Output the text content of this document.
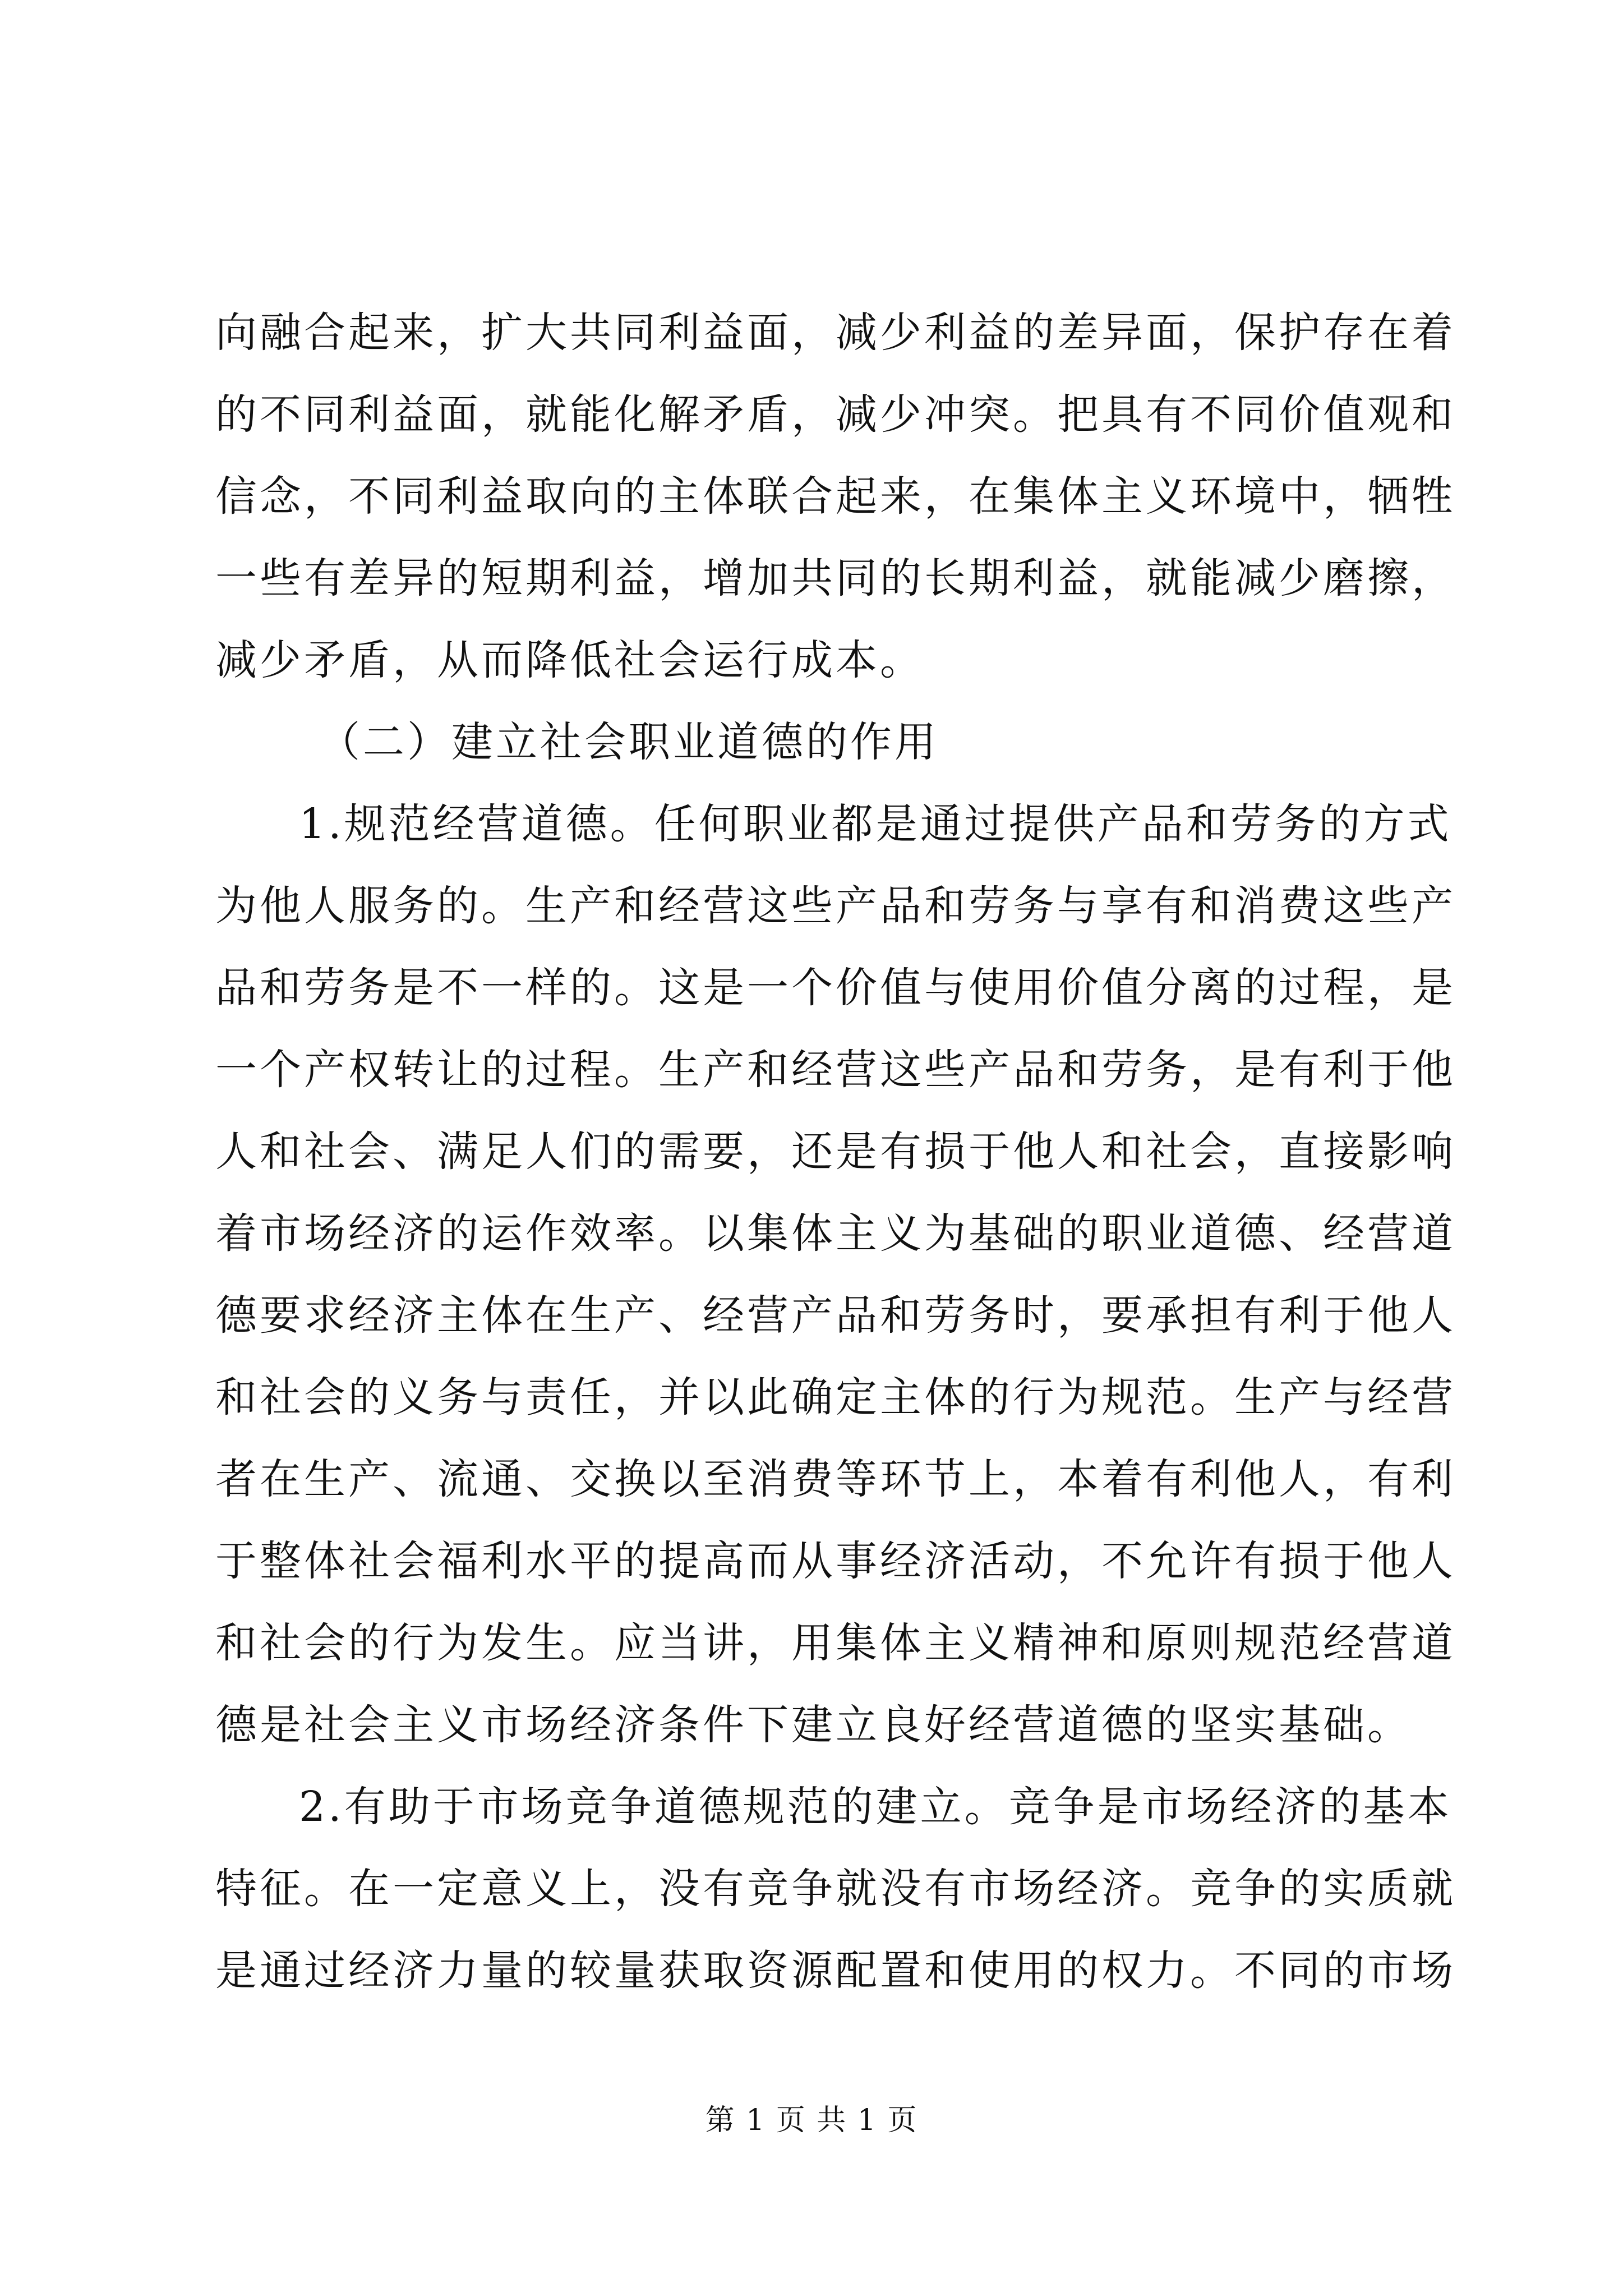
向融合起来，扩大共同利益面，减少利益的差异面，保护存在着
的不同利益面，就能化解矛盾，减少冲突。把具有不同价值观和
信念，不同利益取向的主体联合起来，在集体主义环境中，牺牲
一些有差异的短期利益，增加共同的长期利益，就能减少磨擦，
减少矛盾，从而降低社会运行成本。
（二）建立社会职业道德的作用
1.规范经营道德。任何职业都是通过提供产品和劳务的方式
为他人服务的。生产和经营这些产品和劳务与享有和消费这些产
品和劳务是不一样的。这是一个价值与使用价值分离的过程，是
一个产权转让的过程。生产和经营这些产品和劳务，是有利于他
人和社会、满足人们的需要，还是有损于他人和社会，直接影响
着市场经济的运作效率。以集体主义为基础的职业道德、经营道
德要求经济主体在生产、经营产品和劳务时，要承担有利于他人
和社会的义务与责任，并以此确定主体的行为规范。生产与经营
者在生产、流通、交换以至消费等环节上，本着有利他人，有利
于整体社会福利水平的提高而从事经济活动，不允许有损于他人
和社会的行为发生。应当讲，用集体主义精神和原则规范经营道
德是社会主义市场经济条件下建立良好经营道德的坚实基础。
2.有助于市场竞争道德规范的建立。竞争是市场经济的基本
特征。在一定意义上，没有竞争就没有市场经济。竞争的实质就
是通过经济力量的较量获取资源配置和使用的权力。不同的市场
第 1 页 共 1 页
